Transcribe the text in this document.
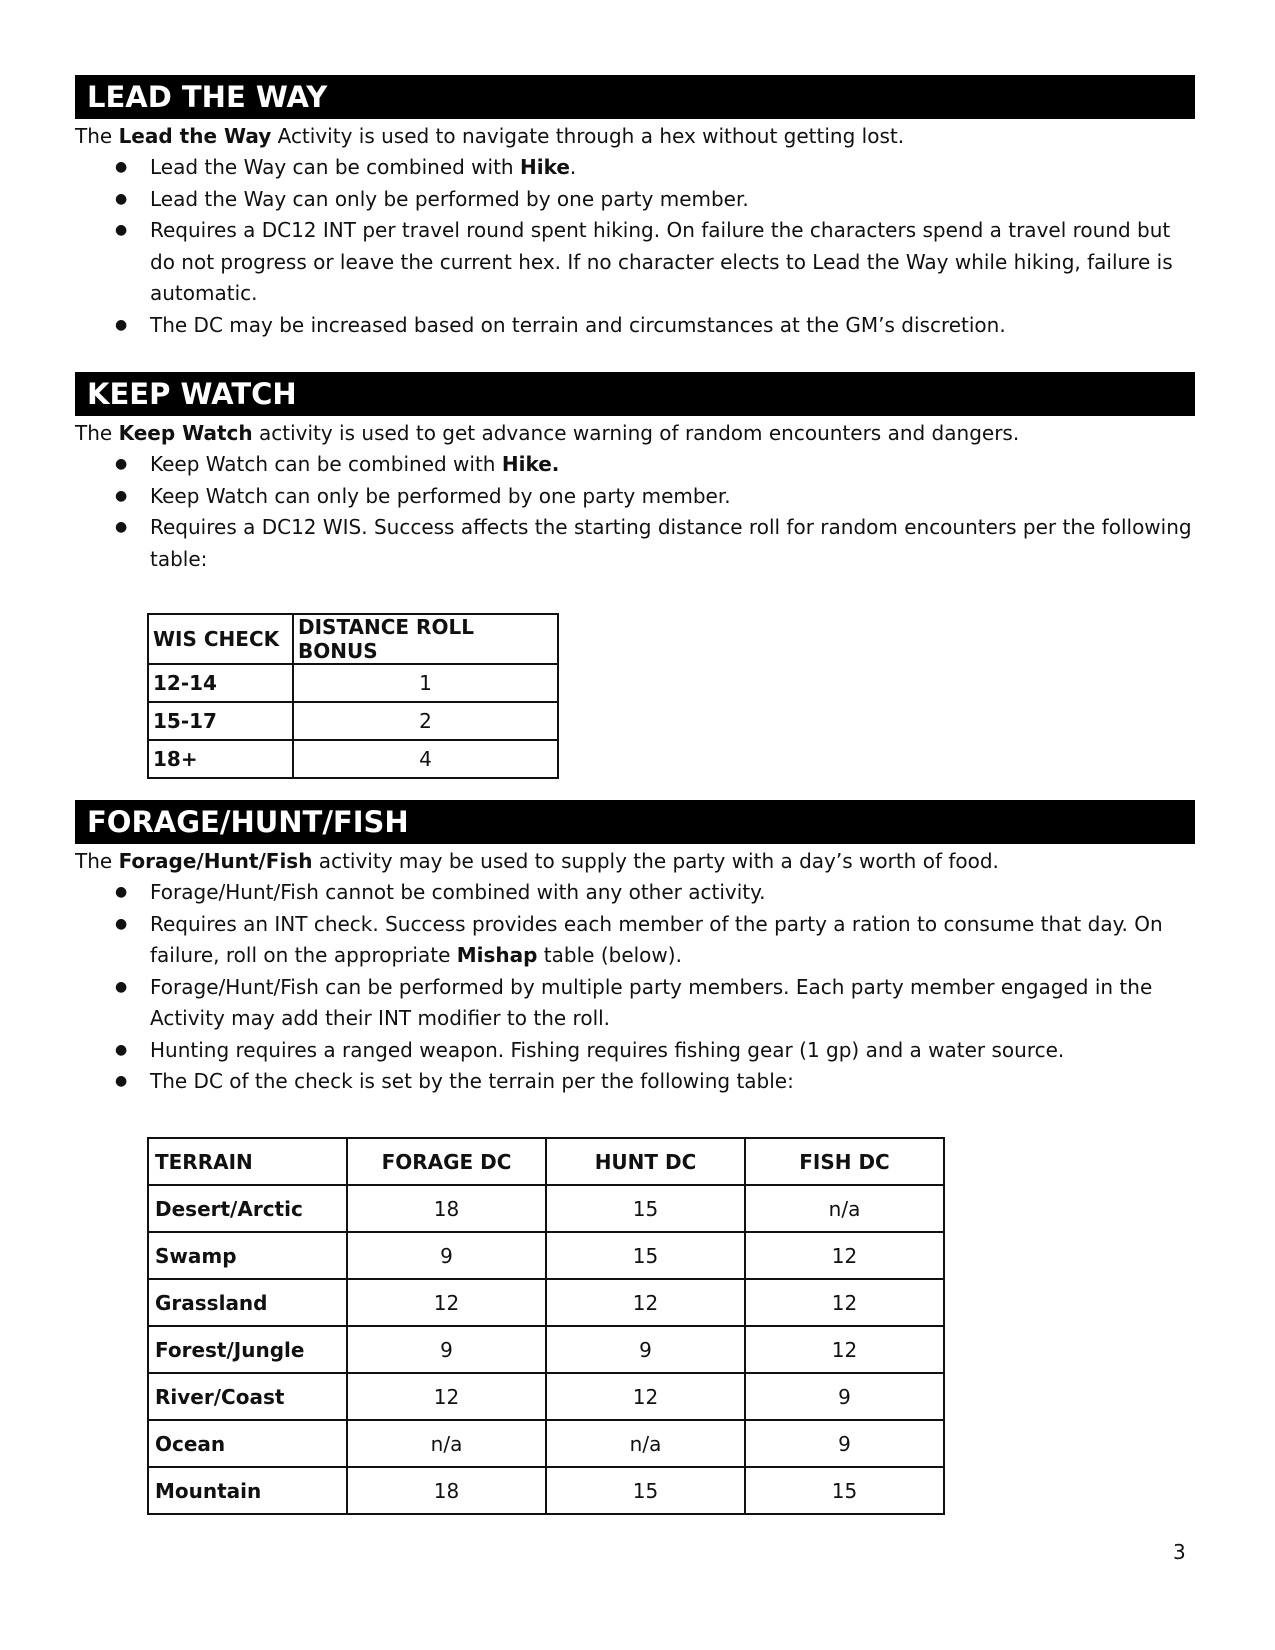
LEAD THE WAY

The Lead the Way Activity is used to navigate through a hex without getting lost.

● Lead the Way can be combined with Hike.
● Lead the Way can only be performed by one party member.
● Requires a DC12 INT per travel round spent hiking. On failure the characters spend a travel round but do not progress or leave the current hex. If no character elects to Lead the Way while hiking, failure is automatic.
● The DC may be increased based on terrain and circumstances at the GM’s discretion.
KEEP WATCH

The Keep Watch activity is used to get advance warning of random encounters and dangers.

● Keep Watch can be combined with Hike.
● Keep Watch can only be performed by one party member.
● Requires a DC12 WIS. Success affects the starting distance roll for random encounters per the following table:
WIS CHECK	DISTANCE ROLL BONUS
12-14	1
15-17	2
18+	4
FORAGE/HUNT/FISH

The Forage/Hunt/Fish activity may be used to supply the party with a day’s worth of food.

● Forage/Hunt/Fish cannot be combined with any other activity.
● Requires an INT check. Success provides each member of the party a ration to consume that day. On failure, roll on the appropriate Mishap table (below).
● Forage/Hunt/Fish can be performed by multiple party members. Each party member engaged in the Activity may add their INT modifier to the roll.
● Hunting requires a ranged weapon. Fishing requires fishing gear (1 gp) and a water source.
● The DC of the check is set by the terrain per the following table:
TERRAIN	FORAGE DC	HUNT DC	FISH DC
Desert/Arctic	18	15	n/a
Swamp	9	15	12
Grassland	12	12	12
Forest/Jungle	9	9	12
River/Coast	12	12	9
Ocean	n/a	n/a	9
Mountain	18	15	15
3
